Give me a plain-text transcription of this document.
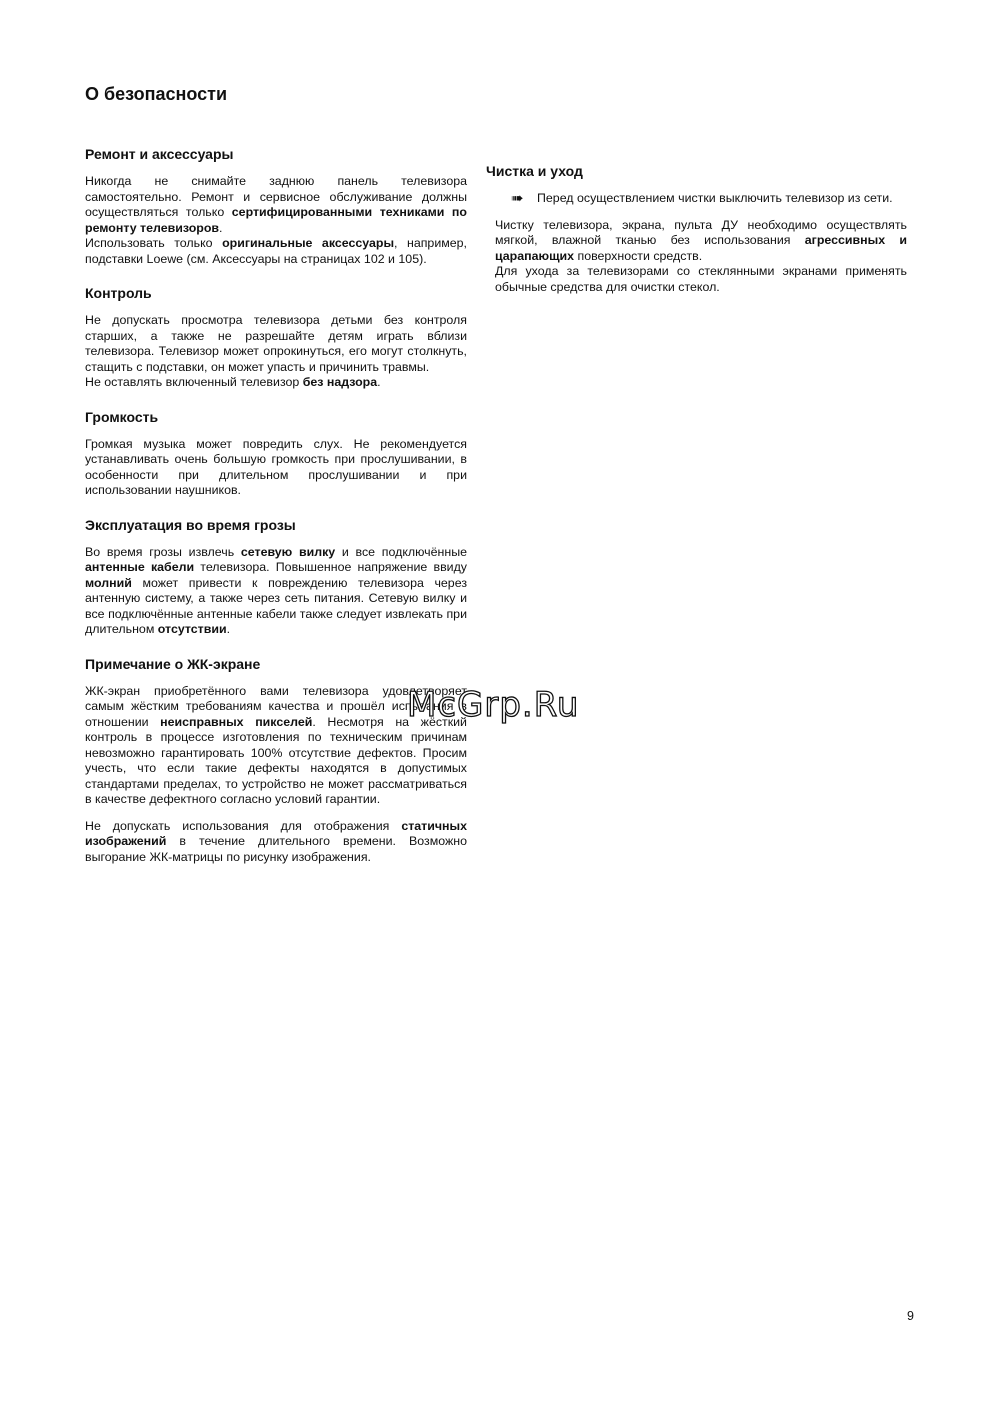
О безопасности
Ремонт и аксессуары

Никогда не снимайте заднюю панель телевизора самостоятельно. Ремонт и сервисное обслуживание должны осуществляться только сертифицированными техниками по ремонту телевизоров.

Использовать только оригинальные аксессуары, например, подставки Loewe (см. Аксессуары на страницах 102 и 105).

Контроль

Не допускать просмотра телевизора детьми без контроля старших, а также не разрешайте детям играть вблизи телевизора. Телевизор может опрокинуться, его могут столкнуть, стащить с подставки, он может упасть и причинить травмы.

Не оставлять включенный телевизор без надзора.

Громкость

Громкая музыка может повредить слух. Не рекомендуется устанавливать очень большую громкость при прослушивании, в особенности при длительном прослушивании и при использовании наушников.

Эксплуатация во время грозы

Во время грозы извлечь сетевую вилку и все подключённые антенные кабели телевизора. Повышенное напряжение ввиду молний может привести к повреждению телевизора через антенную систему, а также через сеть питания. Сетевую вилку и все подключённые антенные кабели также следует извлекать при длительном отсутствии.

Примечание о ЖК-экране

ЖК-экран приобретённого вами телевизора удовлетворяет самым жёстким требованиям качества и прошёл испытания в отношении неисправных пикселей. Несмотря на жёсткий контроль в процессе изготовления по техническим причинам невозможно гарантировать 100% отсутствие дефектов. Просим учесть, что если такие дефекты находятся в допустимых стандартами пределах, то устройство не может рассматриваться в качестве дефектного согласно условий гарантии.

Не допускать использования для отображения статичных изображений в течение длительного времени. Возможно выгорание ЖК-матрицы по рисунку изображения.

Чистка и уход
➠	Перед осуществлением чистки выключить телевизор из сети.

Чистку телевизора, экрана, пульта ДУ необходимо осуществлять мягкой, влажной тканью без использования агрессивных и царапающих поверхности средств.

Для ухода за телевизорами со стеклянными экранами применять обычные средства для очистки стекол.

McGrp.Ru
9
